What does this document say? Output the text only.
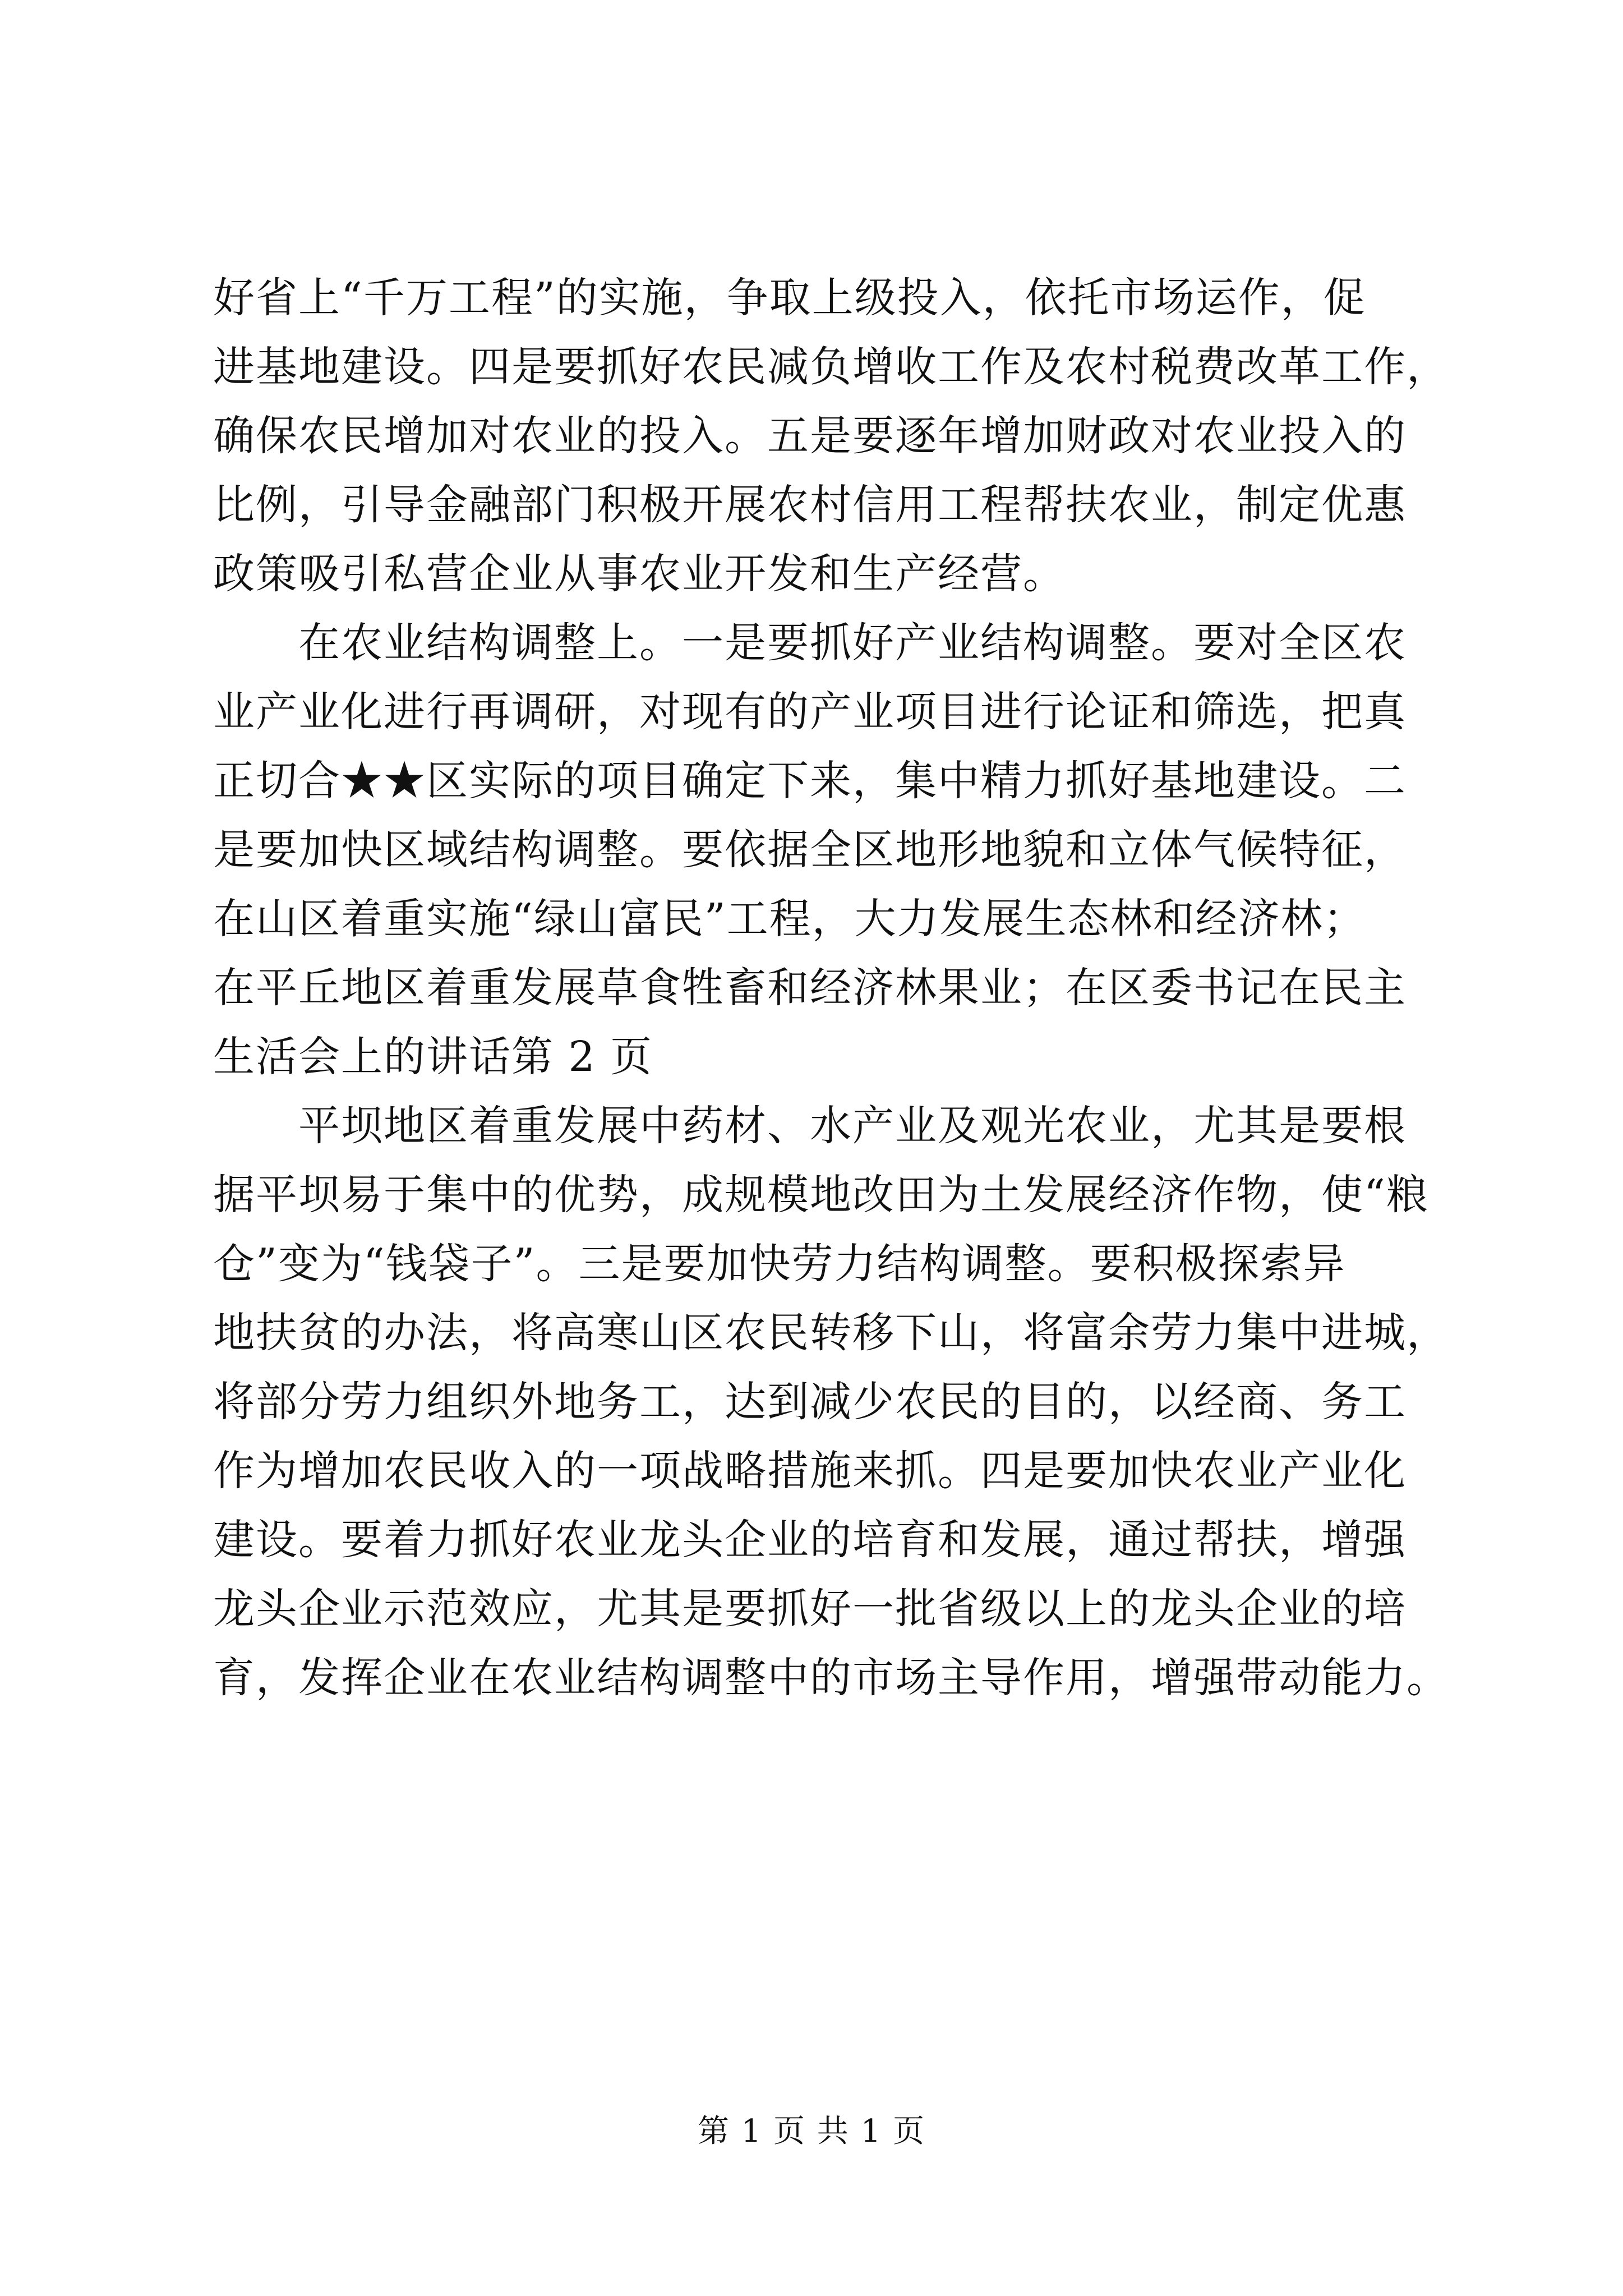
好省上“千万工程”的实施，争取上级投入，依托市场运作，促
进基地建设。四是要抓好农民减负增收工作及农村税费改革工作，
确保农民增加对农业的投入。五是要逐年增加财政对农业投入的
比例，引导金融部门积极开展农村信用工程帮扶农业，制定优惠
政策吸引私营企业从事农业开发和生产经营。
　　在农业结构调整上。一是要抓好产业结构调整。要对全区农
业产业化进行再调研，对现有的产业项目进行论证和筛选，把真
正切合★★区实际的项目确定下来，集中精力抓好基地建设。二
是要加快区域结构调整。要依据全区地形地貌和立体气候特征，
在山区着重实施“绿山富民”工程，大力发展生态林和经济林；
在平丘地区着重发展草食牲畜和经济林果业；在区委书记在民主
生活会上的讲话第 2 页
　　平坝地区着重发展中药材、水产业及观光农业，尤其是要根
据平坝易于集中的优势，成规模地改田为土发展经济作物，使“粮
仓”变为“钱袋子”。三是要加快劳力结构调整。要积极探索异
地扶贫的办法，将高寒山区农民转移下山，将富余劳力集中进城，
将部分劳力组织外地务工，达到减少农民的目的，以经商、务工
作为增加农民收入的一项战略措施来抓。四是要加快农业产业化
建设。要着力抓好农业龙头企业的培育和发展，通过帮扶，增强
龙头企业示范效应，尤其是要抓好一批省级以上的龙头企业的培
育，发挥企业在农业结构调整中的市场主导作用，增强带动能力。
第 1 页 共 1 页
